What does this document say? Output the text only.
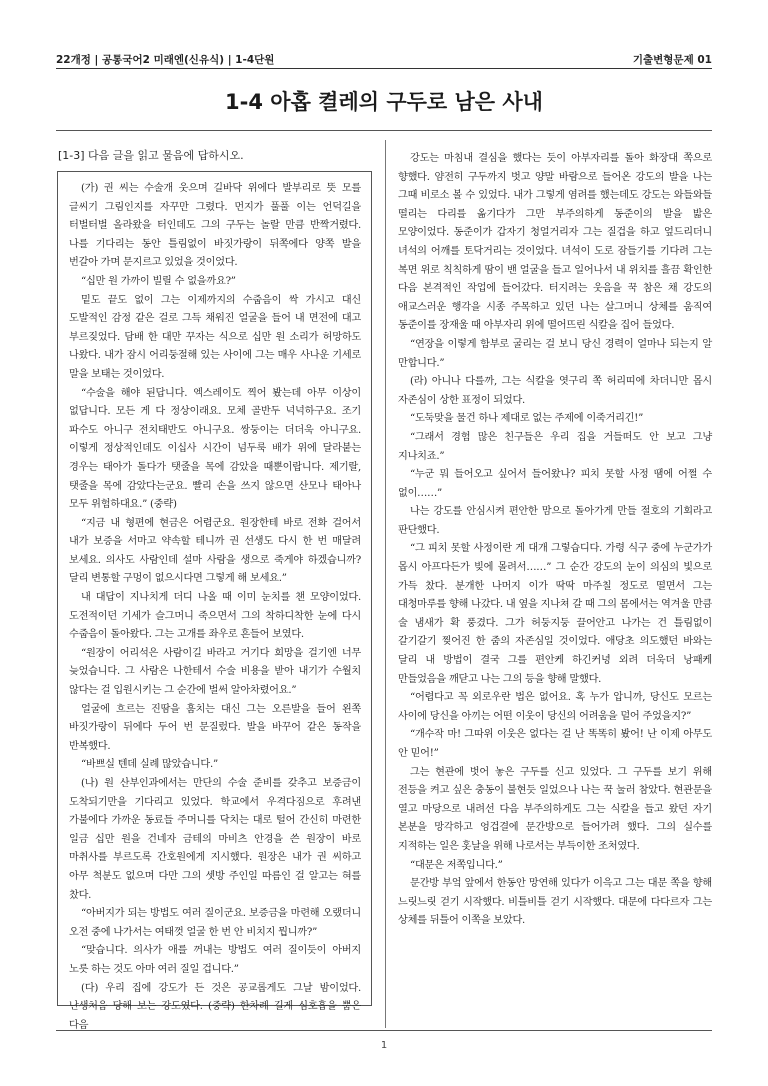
22개정 | 공통국어2 미래엔(신유식) | 1-4단원	기출변형문제 01
1-4 아홉 켤레의 구두로 남은 사내
[1-3] 다음 글을 읽고 물음에 답하시오.

(가) 권 씨는 수술개 웃으며 길바닥 위에다 발부리로 뜻 모를 글씨기 그림인지를 자꾸만 그렸다. 먼지가 풀풀 이는 언덕길을 터벌터벌 올라왔을 터인데도 그의 구두는 놀랄 만큼 반짝거렸다. 나를 기다리는 동안 틀림없이 바짓가랑이 뒤쪽에다 양쪽 발을 번갈아 가며 문지르고 있었을 것이었다.

“십만 원 가까이 빌릴 수 없을까요?”

밑도 끝도 없이 그는 이제까지의 수줍음이 싹 가시고 대신 도발적인 감정 같은 걸로 그득 채워진 얼굴을 들어 내 면전에 대고 부르짖었다. 담배 한 대만 꾸자는 식으로 십만 원 소리가 허망하도 나왔다. 내가 잠시 어리둥절해 있는 사이에 그는 매우 사나운 기세로 말을 보태는 것이었다.

“수술을 해야 된답니다. 엑스레이도 찍어 봤는데 아무 이상이 없답니다. 모든 게 다 정상이래요. 모체 골반두 넉넉하구요. 조기 파수도 아니구 전치태반도 아니구요. 쌍둥이는 더더욱 아니구요. 이렇게 정상적인데도 이십사 시간이 넘두룩 배가 위에 달라붙는 경우는 태아가 돌다가 탯줄을 목에 감았을 때뿐이랍니다. 제기랄, 탯줄을 목에 감았다는군요. 빨리 손을 쓰지 않으면 산모나 태아나 모두 위험하대요.” (중략)

“지금 내 형편에 현금은 어렵군요. 원장한테 바로 전화 걸어서 내가 보증을 서마고 약속할 테니까 권 선생도 다시 한 번 매달려 보세요. 의사도 사람인데 설마 사람을 생으로 죽게야 하겠습니까? 달리 변통할 구멍이 없으시다면 그렇게 해 보세요.”

내 대답이 지나치게 더디 나올 때 이미 눈치를 챈 모양이었다. 도전적이던 기세가 슬그머니 죽으면서 그의 착하디착한 눈에 다시 수줍음이 돌아왔다. 그는 고개를 좌우로 흔들어 보였다.

“원장이 어리석은 사람이길 바라고 거기다 희망을 걸기엔 너무 늦었습니다. 그 사람은 나한테서 수술 비용을 받아 내기가 수월치 않다는 걸 입원시키는 그 순간에 벌써 알아차렸어요.”

얼굴에 흐르는 진땀을 훔치는 대신 그는 오른발을 들어 왼쪽 바짓가랑이 뒤에다 두어 번 문질렀다. 발을 바꾸어 같은 동작을 반복했다.

“바쁘실 텐데 실례 많았습니다.”

(나) 원 산부인과에서는 만단의 수술 준비를 갖추고 보증금이 도착되기만을 기다리고 있었다. 학교에서 우격다짐으로 후려낸 가불에다 가까운 동료들 주머니를 닥치는 대로 털어 간신히 마련한 일금 십만 원을 건네자 금테의 마비츠 안경을 쓴 원장이 바로 마취사를 부르도록 간호원에게 지시했다. 원장은 내가 권 씨하고 아무 척분도 없으며 다만 그의 셋방 주인일 따름인 걸 알고는 혀를 찼다.

“아버지가 되는 방법도 여러 질이군요. 보증금을 마련해 오랬더니 오전 중에 나가서는 여태껏 얼굴 한 번 안 비치지 뭡니까?”

“맞습니다. 의사가 애를 꺼내는 방법도 여러 질이듯이 아버지 노릇 하는 것도 아마 여러 질일 겁니다.”

(다) 우리 집에 강도가 든 것은 공교롭게도 그날 밤이었다. 난생처음 당해 보는 강도였다. (중략) 한차례 길게 심호흡을 뿜은 다음

강도는 마침내 결심을 했다는 듯이 아부자리를 돌아 화장대 쪽으로 향했다. 얌전히 구두까지 벗고 양말 바람으로 들어온 강도의 발을 나는 그때 비로소 볼 수 있었다. 내가 그렇게 염려를 했는데도 강도는 와들와들 떨리는 다리를 옮기다가 그만 부주의하게 동준이의 발을 밟은 모양이었다. 동준이가 갑자기 청얼거리자 그는 질겁을 하고 엎드리더니 녀석의 어깨를 토닥거리는 것이었다. 녀석이 도로 잠들기를 기다려 그는 복면 위로 칙칙하게 땀이 밴 얼굴을 들고 일어나서 내 위치를 흘끔 확인한 다음 본격적인 작업에 들어갔다. 터지려는 웃음을 꾹 참은 채 강도의 애교스러운 행각을 시종 주목하고 있던 나는 살그머니 상체를 움직여 동준이를 장재울 때 아부자리 위에 떨어뜨린 식칼을 집어 들었다.

“연장을 이렇게 함부로 굴리는 걸 보니 당신 경력이 얼마나 되는지 알 만합니다.”

(라) 아니나 다를까, 그는 식칼을 엿구리 쪽 허리띠에 차더니만 몹시 자존심이 상한 표정이 되었다.

“도둑맞을 물건 하나 제대로 없는 주제에 이죽거리긴!”

“그래서 경험 많은 친구들은 우리 집을 거들떠도 안 보고 그냥 지나치죠.”

“누군 뭐 들어오고 싶어서 들어왔나? 피치 못할 사정 땜에 어쩔 수 없이……”

나는 강도를 안심시켜 편안한 맘으로 돌아가게 만들 절호의 기회라고 판단했다.

“그 피치 못할 사정이란 게 대개 그렇습디다. 가령 식구 중에 누군가가 몹시 아프다든가 빚에 몰려서……” 그 순간 강도의 눈이 의심의 빛으로 가득 찼다. 분개한 나머지 이가 딱딱 마주칠 정도로 떨면서 그는 대청마루를 향해 나갔다. 내 옆을 지나쳐 갈 때 그의 몸에서는 역겨울 만큼 술 냄새가 확 풍겼다. 그가 허둥지둥 끌어안고 나가는 건 틀림없이 갈기갈기 찢어진 한 줌의 자존심일 것이었다. 애당초 의도했던 바와는 달리 내 방법이 결국 그를 편안케 하긴커녕 외려 더욱더 낭패케 만들었음을 깨닫고 나는 그의 등을 향해 말했다.

“어렵다고 꼭 외로우란 법은 없어요. 혹 누가 압니까, 당신도 모르는 사이에 당신을 아끼는 어떤 이웃이 당신의 어려움을 덜어 주었을지?”

“개수작 마! 그따위 이웃은 없다는 걸 난 똑똑히 봤어! 난 이제 아무도 안 믿어!”

그는 현관에 벗어 놓은 구두를 신고 있었다. 그 구두를 보기 위해 전등을 켜고 싶은 충동이 불현듯 일었으나 나는 꾹 눌러 참았다. 현관문을 열고 마당으로 내려선 다음 부주의하게도 그는 식칼을 들고 왔던 자기 본분을 망각하고 엉겁결에 문간방으로 들어가려 했다. 그의 실수를 지적하는 일은 홋날을 위해 나로서는 부득이한 조처였다.

“대문은 저쪽입니다.”

문간방 부엌 앞에서 한동안 망연해 있다가 이윽고 그는 대문 쪽을 향해 느릿느릿 걷기 시작했다. 비틀비틀 걷기 시작했다. 대문에 다다르자 그는 상체를 뒤틀어 이쪽을 보았다.

1
